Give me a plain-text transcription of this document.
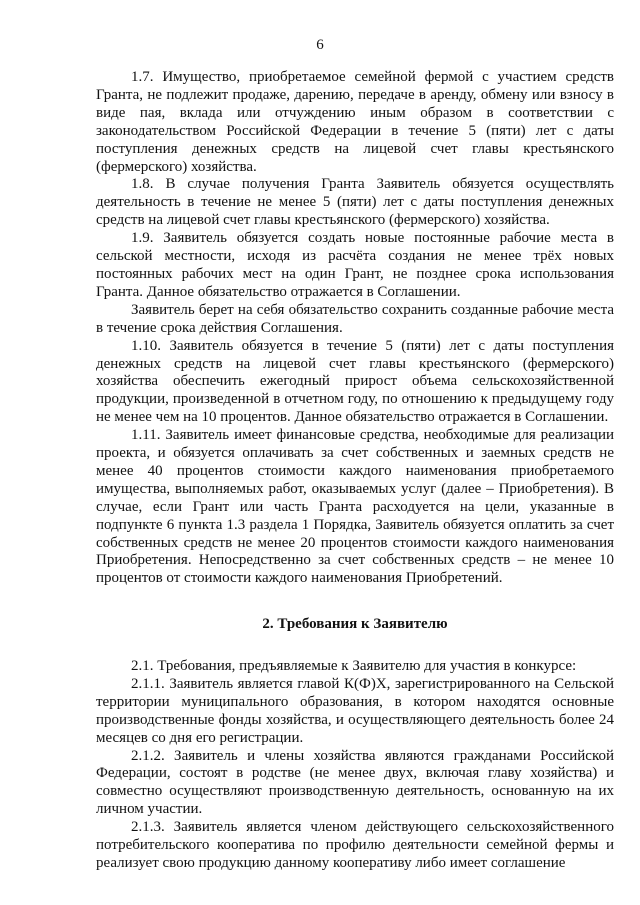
6

1.7. Имущество, приобретаемое семейной фермой с участием средств Гранта, не подлежит продаже, дарению, передаче в аренду, обмену или взносу в виде пая, вклада или отчуждению иным образом в соответствии с законодательством Российской Федерации в течение 5 (пяти) лет с даты поступления денежных средств на лицевой счет главы крестьянского (фермерского) хозяйства.

1.8. В случае получения Гранта Заявитель обязуется осуществлять деятельность в течение не менее 5 (пяти) лет с даты поступления денежных средств на лицевой счет главы крестьянского (фермерского) хозяйства.

1.9. Заявитель обязуется создать новые постоянные рабочие места в сельской местности, исходя из расчёта создания не менее трёх новых постоянных рабочих мест на один Грант, не позднее срока использования Гранта. Данное обязательство отражается в Соглашении.

Заявитель берет на себя обязательство сохранить созданные рабочие места в течение срока действия Соглашения.

1.10. Заявитель обязуется в течение 5 (пяти) лет с даты поступления денежных средств на лицевой счет главы крестьянского (фермерского) хозяйства обеспечить ежегодный прирост объема сельскохозяйственной продукции, произведенной в отчетном году, по отношению к предыдущему году не менее чем на 10 процентов. Данное обязательство отражается в Соглашении.

1.11. Заявитель имеет финансовые средства, необходимые для реализации проекта, и обязуется оплачивать за счет собственных и заемных средств не менее 40 процентов стоимости каждого наименования приобретаемого имущества, выполняемых работ, оказываемых услуг (далее – Приобретения). В случае, если Грант или часть Гранта расходуется на цели, указанные в подпункте 6 пункта 1.3 раздела 1 Порядка, Заявитель обязуется оплатить за счет собственных средств не менее 20 процентов стоимости каждого наименования Приобретения. Непосредственно за счет собственных средств – не менее 10 процентов от стоимости каждого наименования Приобретений.

2. Требования к Заявителю

2.1. Требования, предъявляемые к Заявителю для участия в конкурсе:

2.1.1. Заявитель является главой К(Ф)Х, зарегистрированного на Сельской территории муниципального образования, в котором находятся основные производственные фонды хозяйства, и осуществляющего деятельность более 24 месяцев со дня его регистрации.

2.1.2. Заявитель и члены хозяйства являются гражданами Российской Федерации, состоят в родстве (не менее двух, включая главу хозяйства) и совместно осуществляют производственную деятельность, основанную на их личном участии.

2.1.3. Заявитель является членом действующего сельскохозяйственного потребительского кооператива по профилю деятельности семейной фермы и реализует свою продукцию данному кооперативу либо имеет соглашение
